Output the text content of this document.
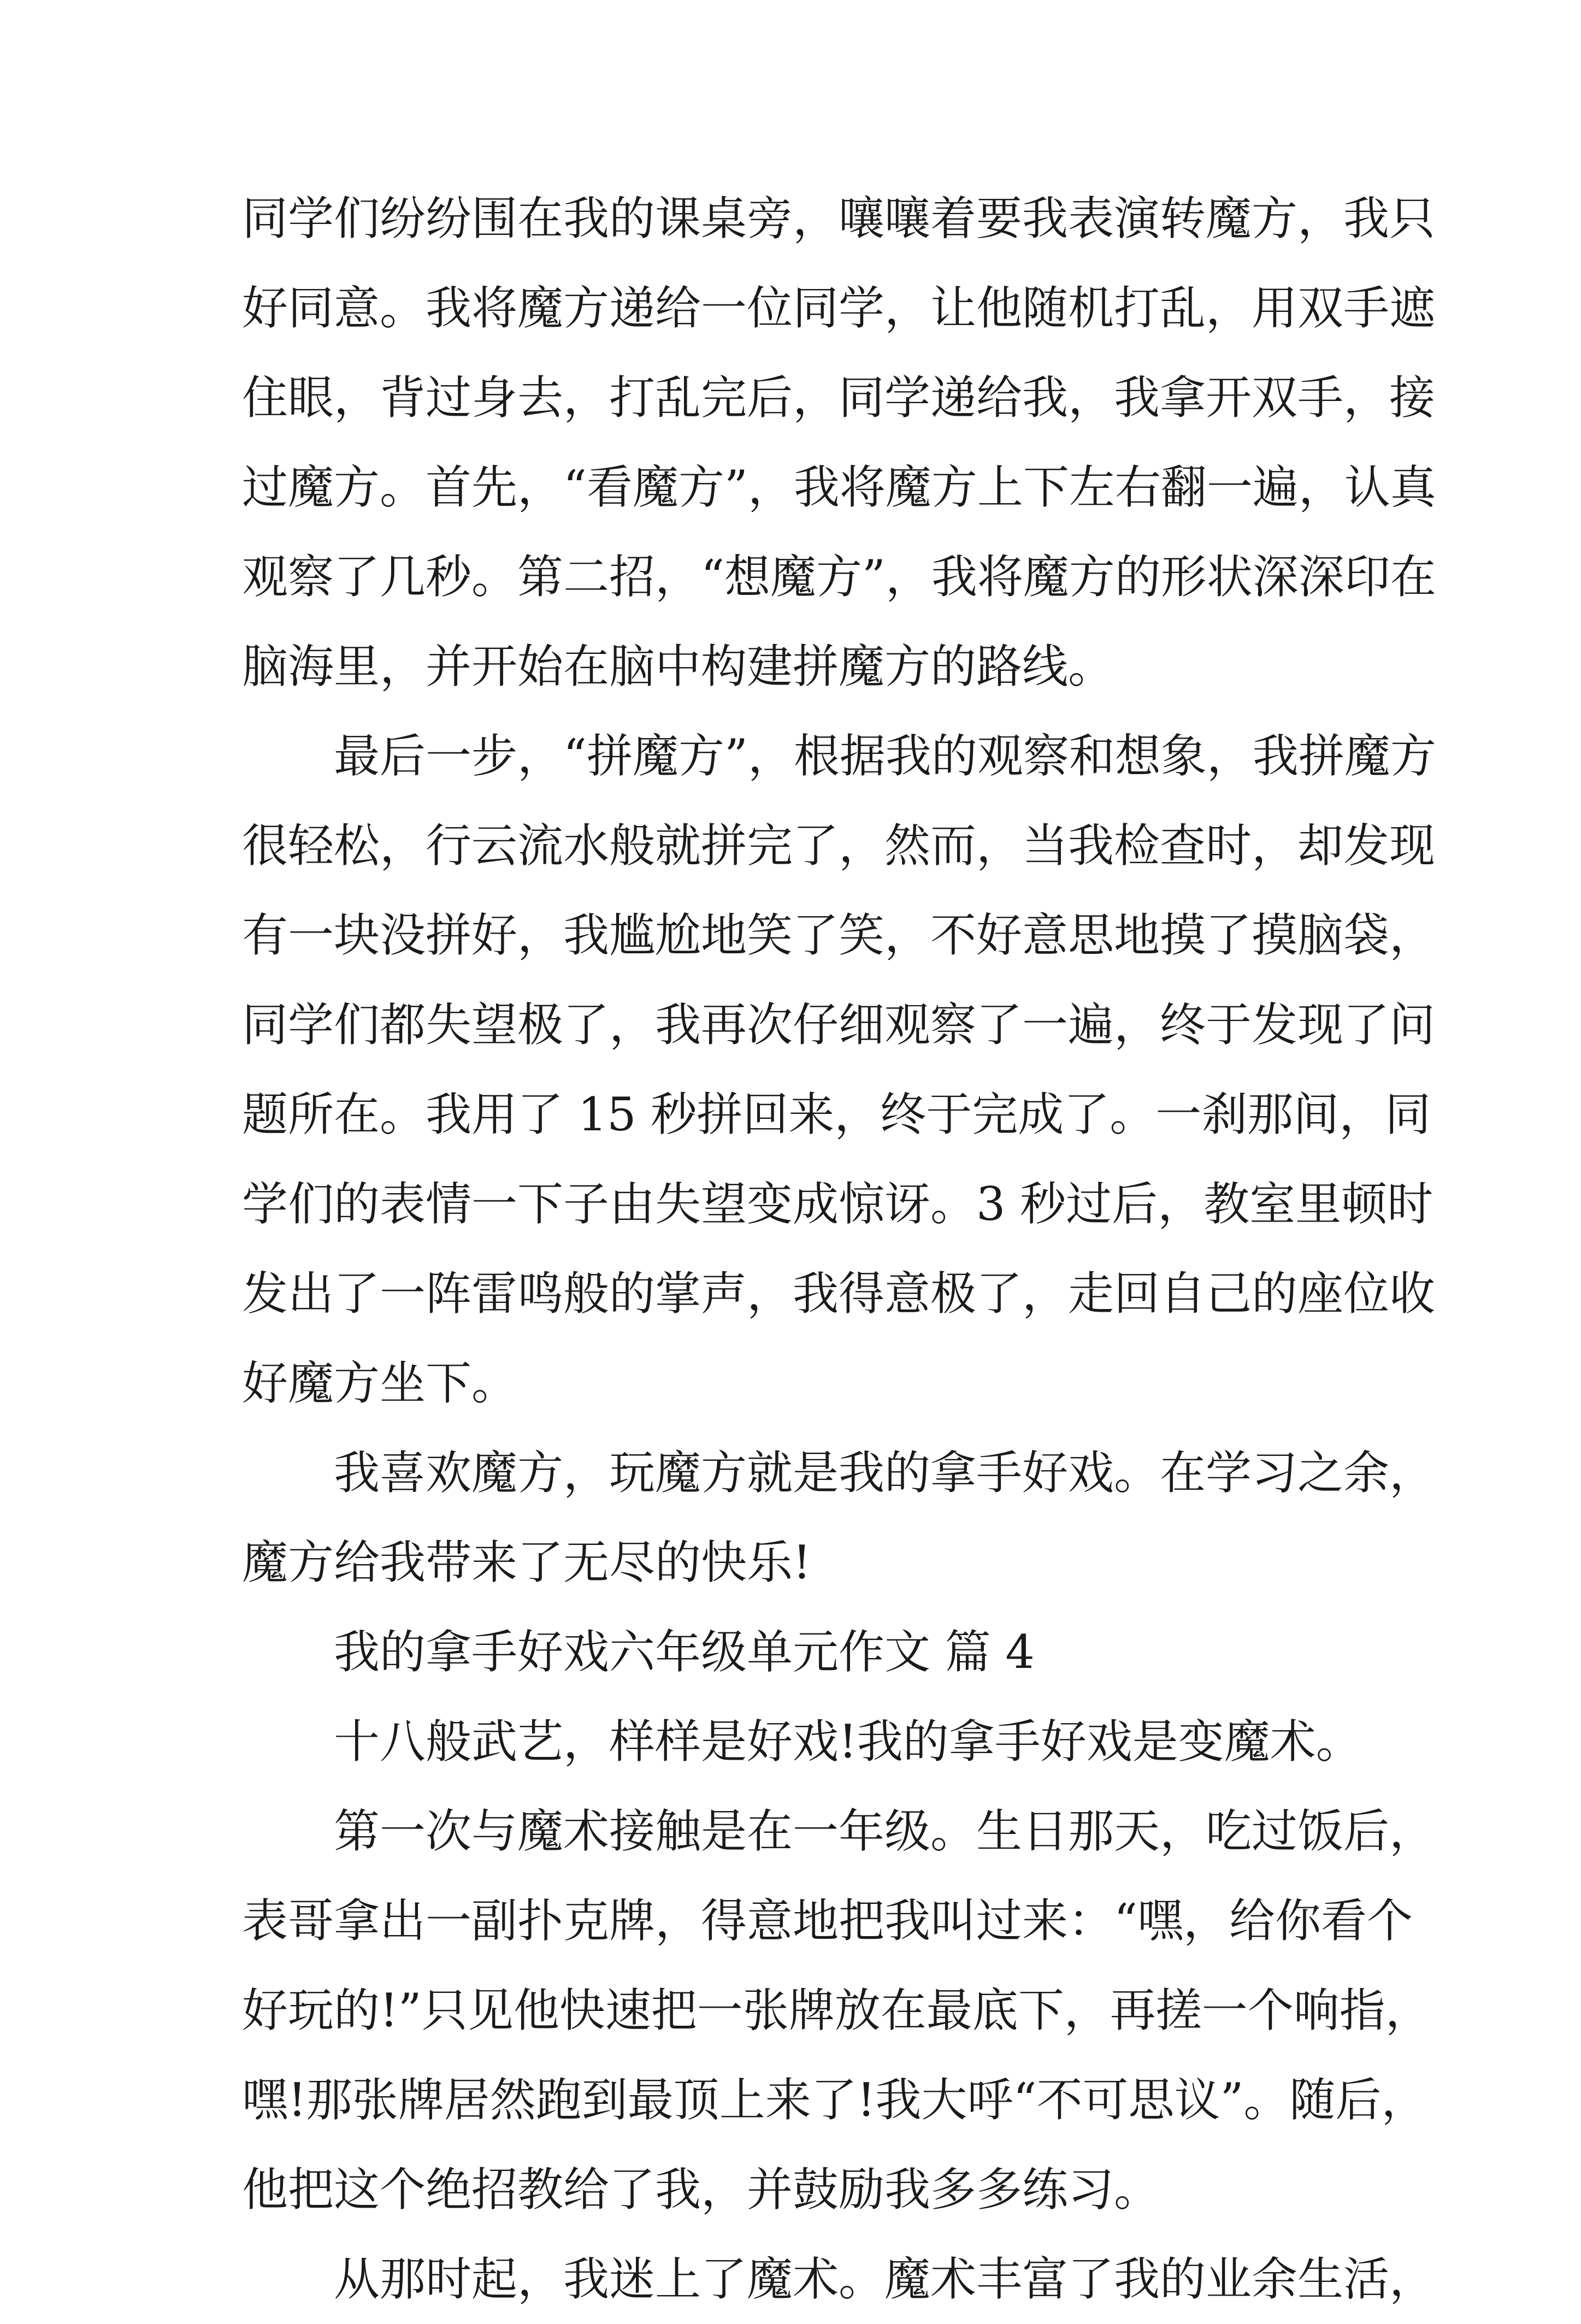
同学们纷纷围在我的课桌旁，嚷嚷着要我表演转魔方，我只
好同意。我将魔方递给一位同学，让他随机打乱，用双手遮
住眼，背过身去，打乱完后，同学递给我，我拿开双手，接
过魔方。首先，“看魔方”，我将魔方上下左右翻一遍，认真
观察了几秒。第二招，“想魔方”，我将魔方的形状深深印在
脑海里，并开始在脑中构建拼魔方的路线。
最后一步，“拼魔方”，根据我的观察和想象，我拼魔方
很轻松，行云流水般就拼完了，然而，当我检查时，却发现
有一块没拼好，我尴尬地笑了笑，不好意思地摸了摸脑袋，
同学们都失望极了，我再次仔细观察了一遍，终于发现了问
题所在。我用了 15 秒拼回来，终于完成了。一刹那间，同
学们的表情一下子由失望变成惊讶。3 秒过后，教室里顿时
发出了一阵雷鸣般的掌声，我得意极了，走回自己的座位收
好魔方坐下。
我喜欢魔方，玩魔方就是我的拿手好戏。在学习之余，
魔方给我带来了无尽的快乐!
我的拿手好戏六年级单元作文 篇 4
十八般武艺，样样是好戏!我的拿手好戏是变魔术。
第一次与魔术接触是在一年级。生日那天，吃过饭后，
表哥拿出一副扑克牌，得意地把我叫过来：“嘿，给你看个
好玩的!”只见他快速把一张牌放在最底下，再搓一个响指，
嘿!那张牌居然跑到最顶上来了!我大呼“不可思议”。随后，
他把这个绝招教给了我，并鼓励我多多练习。
从那时起，我迷上了魔术。魔术丰富了我的业余生活，
